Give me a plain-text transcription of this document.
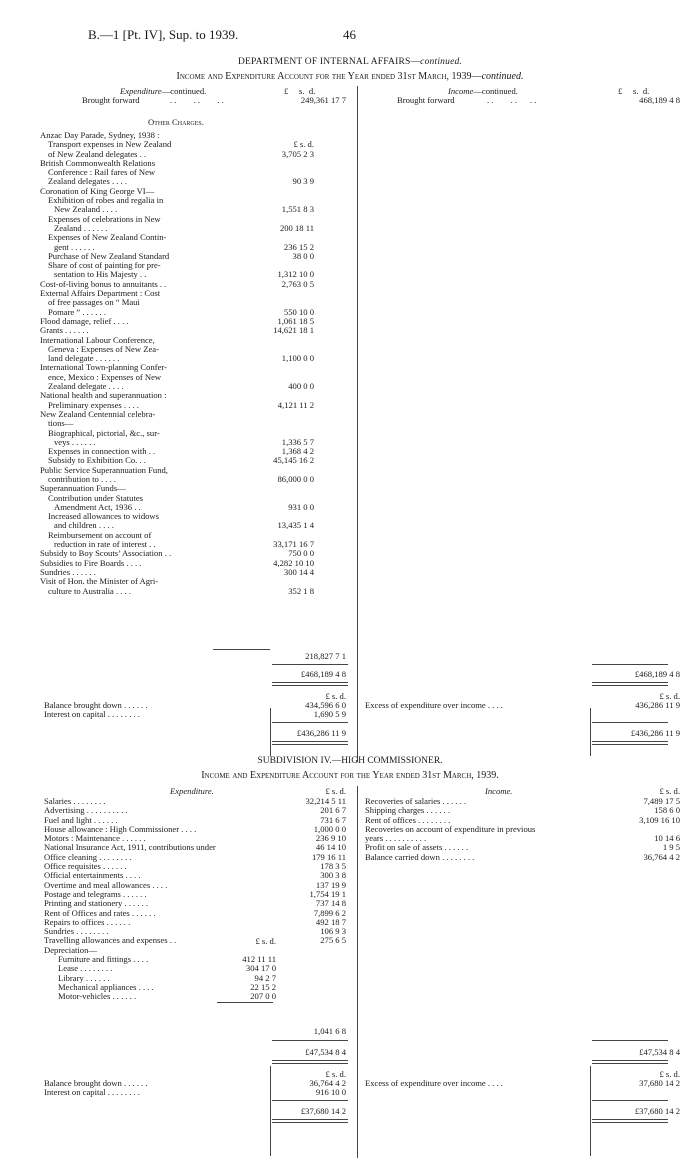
B.—1 [Pt. IV], Sup. to 1939.	46
DEPARTMENT OF INTERNAL AFFAIRS—continued.
Income and Expenditure Account for the Year ended 31st March, 1939—continued.
Expenditure—continued.	Income—continued.
£ s. d.	£ s. d.
Brought forward	. .        . .        . .	249,361 17 7	Brought forward	. .        . .      . .	468,189 4 8
Other Charges.
Anzac Day Parade, Sydney, 1938 :
Transport expenses in New Zealand	£ s. d.
of New Zealand delegates . .	3,705 2 3
British Commonwealth Relations
Conference : Rail fares of New
Zealand delegates . . . .	90 3 9
Coronation of King George VI—
Exhibition of robes and regalia in
New Zealand . . . .	1,551 8 3
Expenses of celebrations in New
Zealand . . . . . .	200 18 11
Expenses of New Zealand Contin-
gent . . . . . .	236 15 2
Purchase of New Zealand Standard	38 0 0
Share of cost of painting for pre-
sentation to His Majesty . .	1,312 10 0
Cost-of-living bonus to annuitants . .	2,763 0 5
External Affairs Department : Cost
of free passages on “ Maui
Pomare ” . . . . . .	550 10 0
Flood damage, relief . . . .	1,061 18 5
Grants . . . . . .	14,621 18 1
International Labour Conference,
Geneva : Expenses of New Zea-
land delegate . . . . . .	1,100 0 0
International Town-planning Confer-
ence, Mexico : Expenses of New
Zealand delegate . . . .	400 0 0
National health and superannuation :
Preliminary expenses . . . .	4,121 11 2
New Zealand Centennial celebra-
tions—
Biographical, pictorial, &c., sur-
veys . . . . . .	1,336 5 7
Expenses in connection with . .	1,368 4 2
Subsidy to Exhibition Co. . .	45,145 16 2
Public Service Superannuation Fund,
contribution to . . . .	86,000 0 0
Superannuation Funds—
Contribution under Statutes
Amendment Act, 1936 . .	931 0 0
Increased allowances to widows
and children . . . .	13,435 1 4
Reimbursement on account of
reduction in rate of interest . .	33,171 16 7
Subsidy to Boy Scouts’ Association . .	750 0 0
Subsidies to Fire Boards . . . .	4,282 10 10
Sundries . . . . . .	300 14 4
Visit of Hon. the Minister of Agri-
culture to Australia . . . .	352 1 8
218,827 7 1
£468,189 4 8	£468,189 4 8
£ s. d.	£ s. d.
Balance brought down . . . . . .	434,596 6 0
Interest on capital . . . . . . . .	1,690 5 9
Excess of expenditure over income . . . .	436,286 11 9
£436,286 11 9	£436,286 11 9
SUBDIVISION IV.—HIGH COMMISSIONER.
Income and Expenditure Account for the Year ended 31st March, 1939.
Expenditure.	Income.
£ s. d.	£ s. d.
Salaries . . . . . . . .	32,214 5 11
Advertising . . . . . . . . . .	201 6 7
Fuel and light . . . . . .	731 6 7
House allowance : High Commissioner . . . .	1,000 0 0
Motors : Maintenance . . . . . .	236 9 10
National Insurance Act, 1911, contributions under	46 14 10
Office cleaning . . . . . . . .	179 16 11
Office requisites . . . . . .	178 3 5
Official entertainments . . . .	300 3 8
Overtime and meal allowances . . . .	137 19 9
Postage and telegrams . . . . . .	1,754 19 1
Printing and stationery . . . . . .	737 14 8
Rent of Offices and rates . . . . . .	7,899 6 2
Repairs to offices . . . . . .	492 18 7
Sundries . . . . . . . .	106 9 3
Travelling allowances and expenses . .	275 6 5
Recoveries of salaries . . . . . .	7,489 17 5
Shipping charges . . . . . .	158 6 0
Rent of offices . . . . . . . .	3,109 16 10
Recoveries on account of expenditure in previous
years . . . . . . . . . .	10 14 6
Profit on sale of assets . . . . . .	1 9 5
Balance carried down . . . . . . . .	36,764 4 2
Depreciation—
£ s. d.
Furniture and fittings . . . .	412 11 11
Lease . . . . . . . .	304 17 0
Library . . . . . .	94 2 7
Mechanical appliances . . . .	22 15 2
Motor-vehicles . . . . . .	207 0 0
1,041 6 8
£47,534 8 4	£47,534 8 4
£ s. d.	£ s. d.
Balance brought down . . . . . .	36,764 4 2
Interest on capital . . . . . . . .	916 10 0
Excess of expenditure over income . . . .	37,680 14 2
£37,680 14 2	£37,680 14 2
